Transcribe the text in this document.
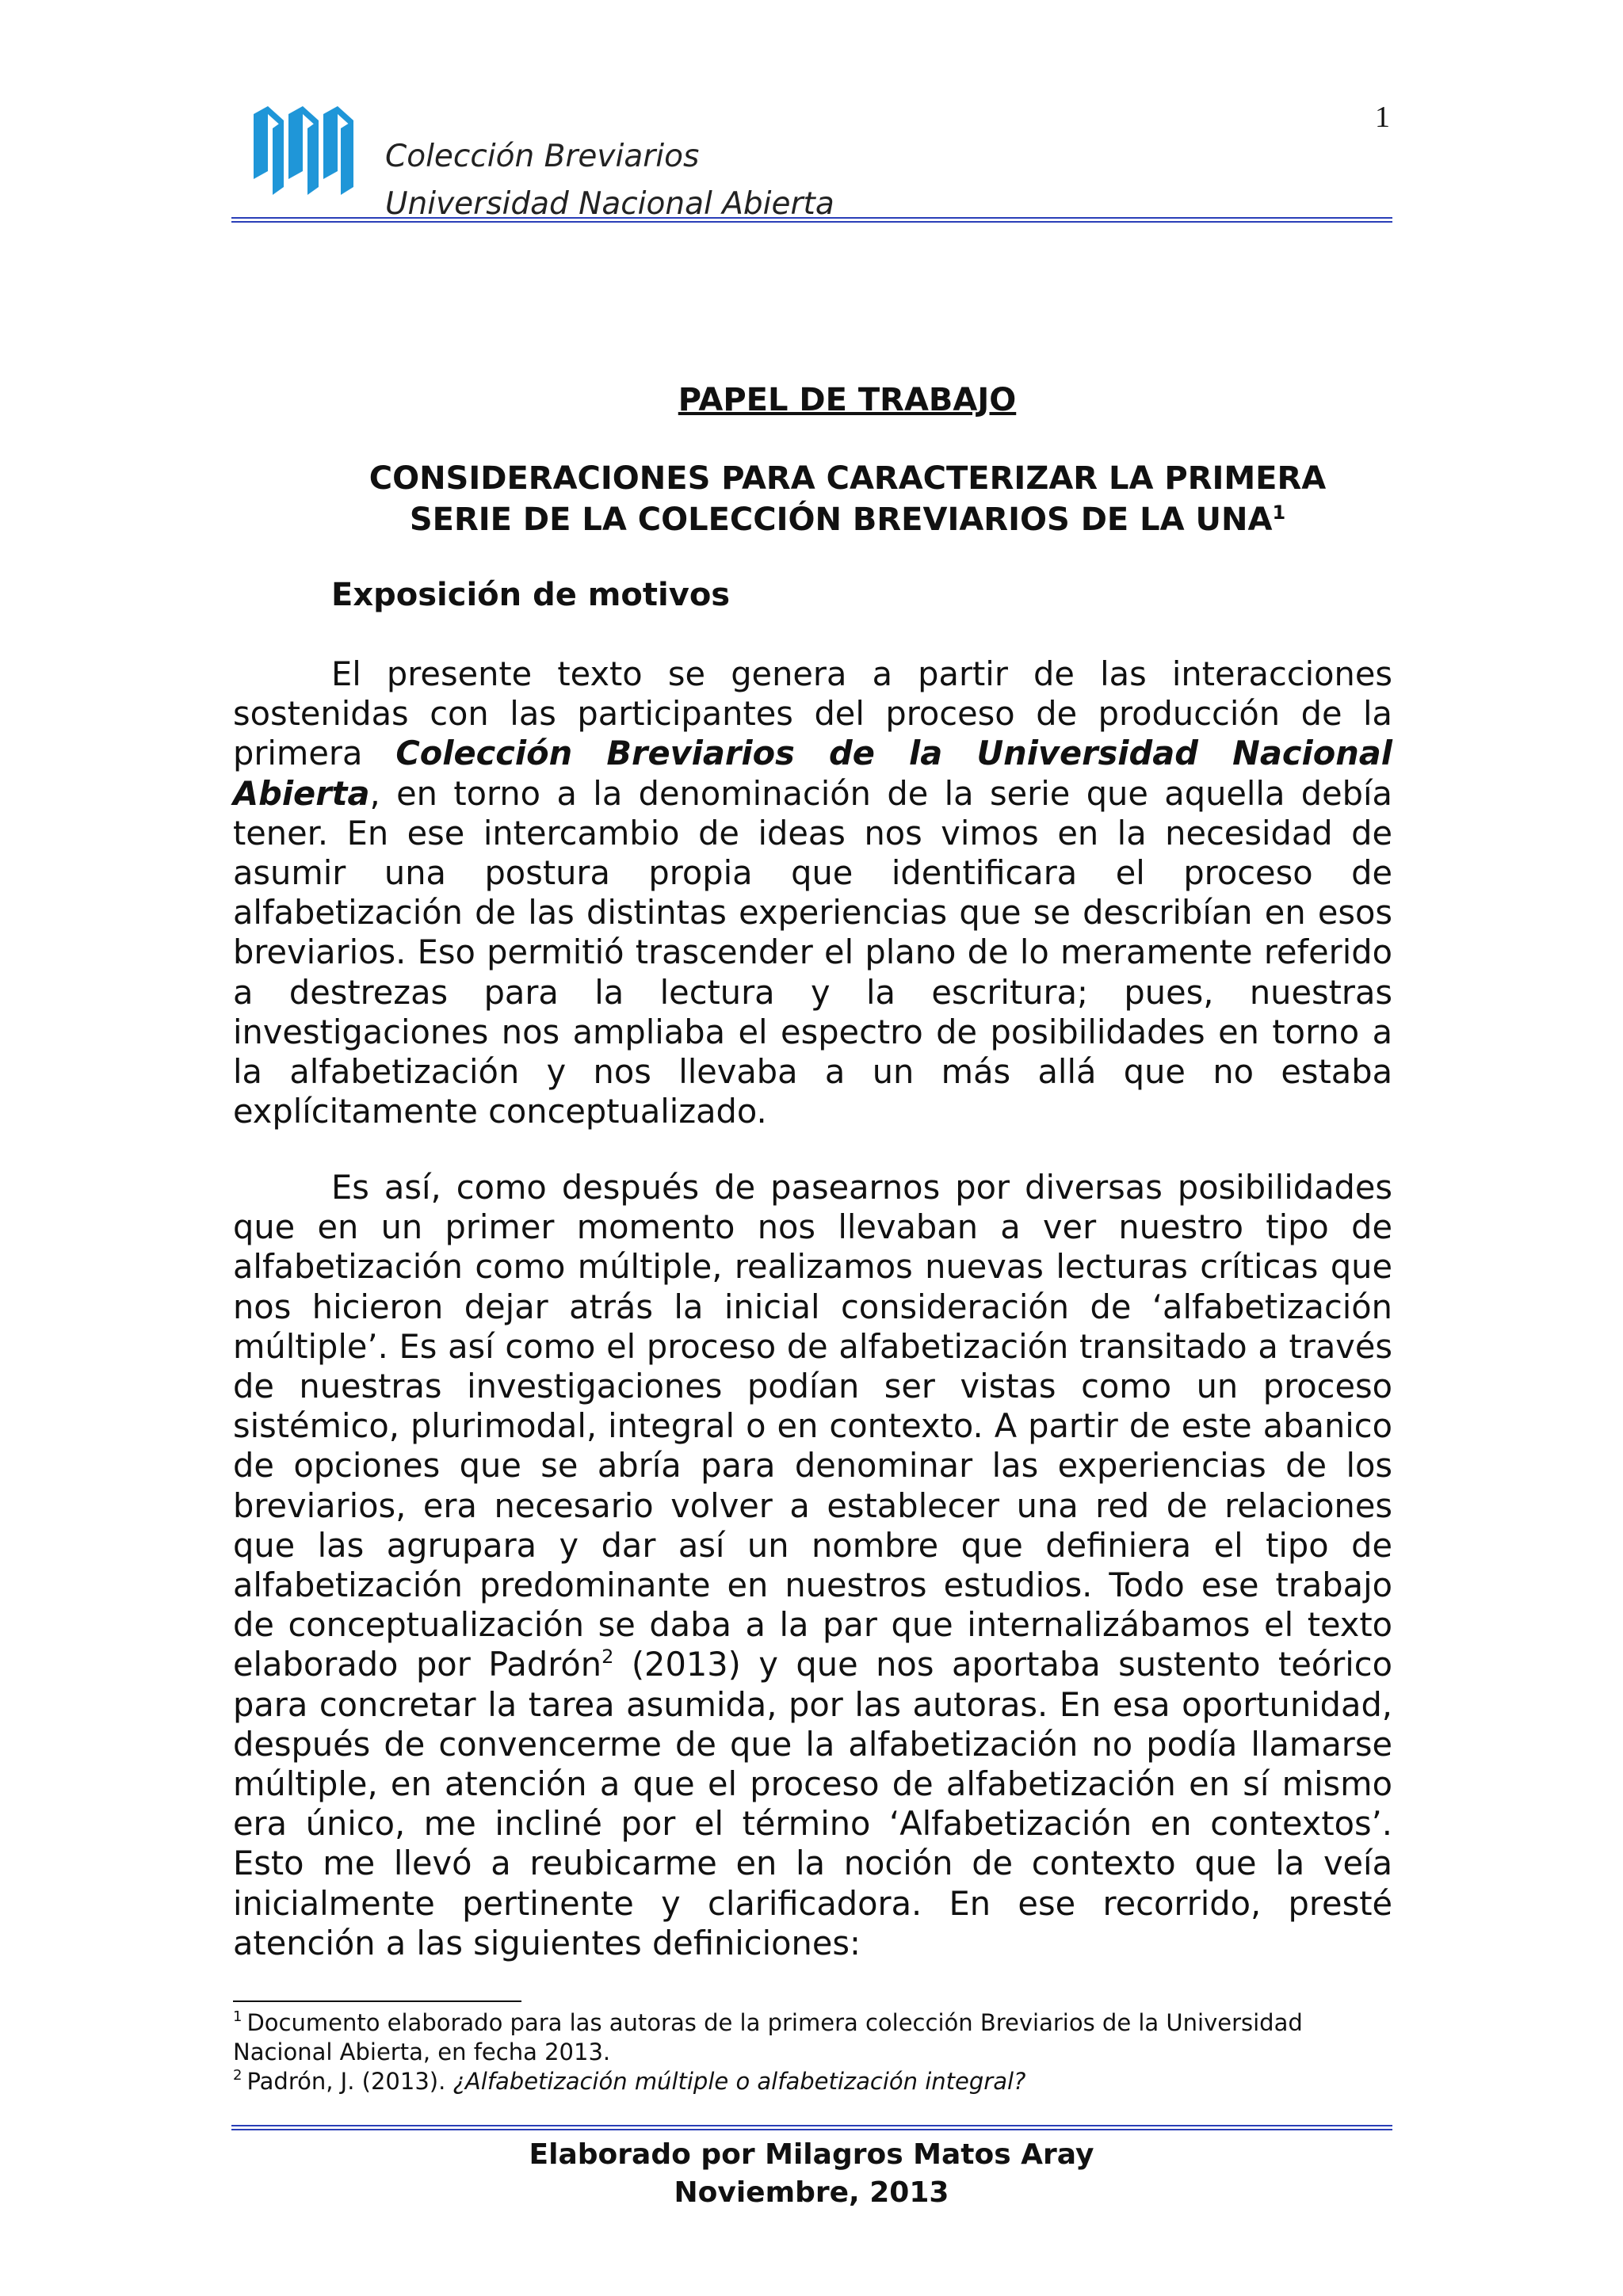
1
Colección Breviarios
Universidad Nacional Abierta
PAPEL DE TRABAJO
CONSIDERACIONES PARA CARACTERIZAR LA PRIMERA
SERIE DE LA COLECCIÓN BREVIARIOS DE LA UNA$^1$
Exposición de motivos

El presente texto se genera a partir de las interacciones sostenidas con las participantes del proceso de producción de la primera Colección Breviarios de la Universidad Nacional Abierta, en torno a la denominación de la serie que aquella debía tener. En ese intercambio de ideas nos vimos en la necesidad de asumir una postura propia que identificara el proceso de alfabetización de las distintas experiencias que se describían en esos breviarios. Eso permitió trascender el plano de lo meramente referido a destrezas para la lectura y la escritura; pues, nuestras investigaciones nos ampliaba el espectro de posibilidades en torno a la alfabetización y nos llevaba a un más allá que no estaba explícitamente conceptualizado.

Es así, como después de pasearnos por diversas posibilidades que en un primer momento nos llevaban a ver nuestro tipo de alfabetización como múltiple, realizamos nuevas lecturas críticas que nos hicieron dejar atrás la inicial consideración de ‘alfabetización múltiple’. Es así como el proceso de alfabetización transitado a través de nuestras investigaciones podían ser vistas como un proceso sistémico, plurimodal, integral o en contexto. A partir de este abanico de opciones que se abría para denominar las experiencias de los breviarios, era necesario volver a establecer una red de relaciones que las agrupara y dar así un nombre que definiera el tipo de alfabetización predominante en nuestros estudios. Todo ese trabajo de conceptualización se daba a la par que internalizábamos el texto elaborado por Padrón$^2$ (2013) y que nos aportaba sustento teórico para concretar la tarea asumida, por las autoras. En esa oportunidad, después de convencerme de que la alfabetización no podía llamarse múltiple, en atención a que el proceso de alfabetización en sí mismo era único, me incliné por el término ‘Alfabetización en contextos’. Esto me llevó a reubicarme en la noción de contexto que la veía inicialmente pertinente y clarificadora. En ese recorrido, presté atención a las siguientes definiciones:

$^1$ Documento elaborado para las autoras de la primera colección Breviarios de la Universidad Nacional Abierta, en fecha 2013.

$^2$ Padrón, J. (2013). ¿Alfabetización múltiple o alfabetización integral?

Elaborado por Milagros Matos Aray
Noviembre, 2013
